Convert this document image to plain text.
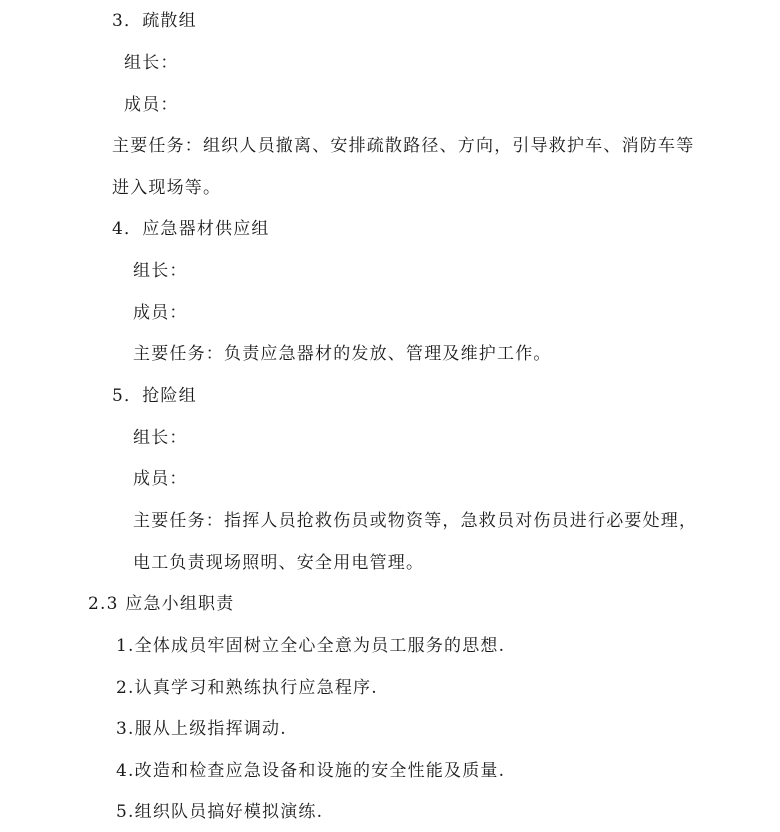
3．疏散组
组长：
成员：
主要任务：组织人员撤离、安排疏散路径、方向，引导救护车、消防车等
进入现场等。
4．应急器材供应组
组长：
成员：
主要任务：负责应急器材的发放、管理及维护工作。
5．抢险组
组长：
成员：
主要任务：指挥人员抢救伤员或物资等，急救员对伤员进行必要处理，
电工负责现场照明、安全用电管理。
2.3 应急小组职责
1.全体成员牢固树立全心全意为员工服务的思想.
2.认真学习和熟练执行应急程序.
3.服从上级指挥调动.
4.改造和检查应急设备和设施的安全性能及质量.
5.组织队员搞好模拟演练.
